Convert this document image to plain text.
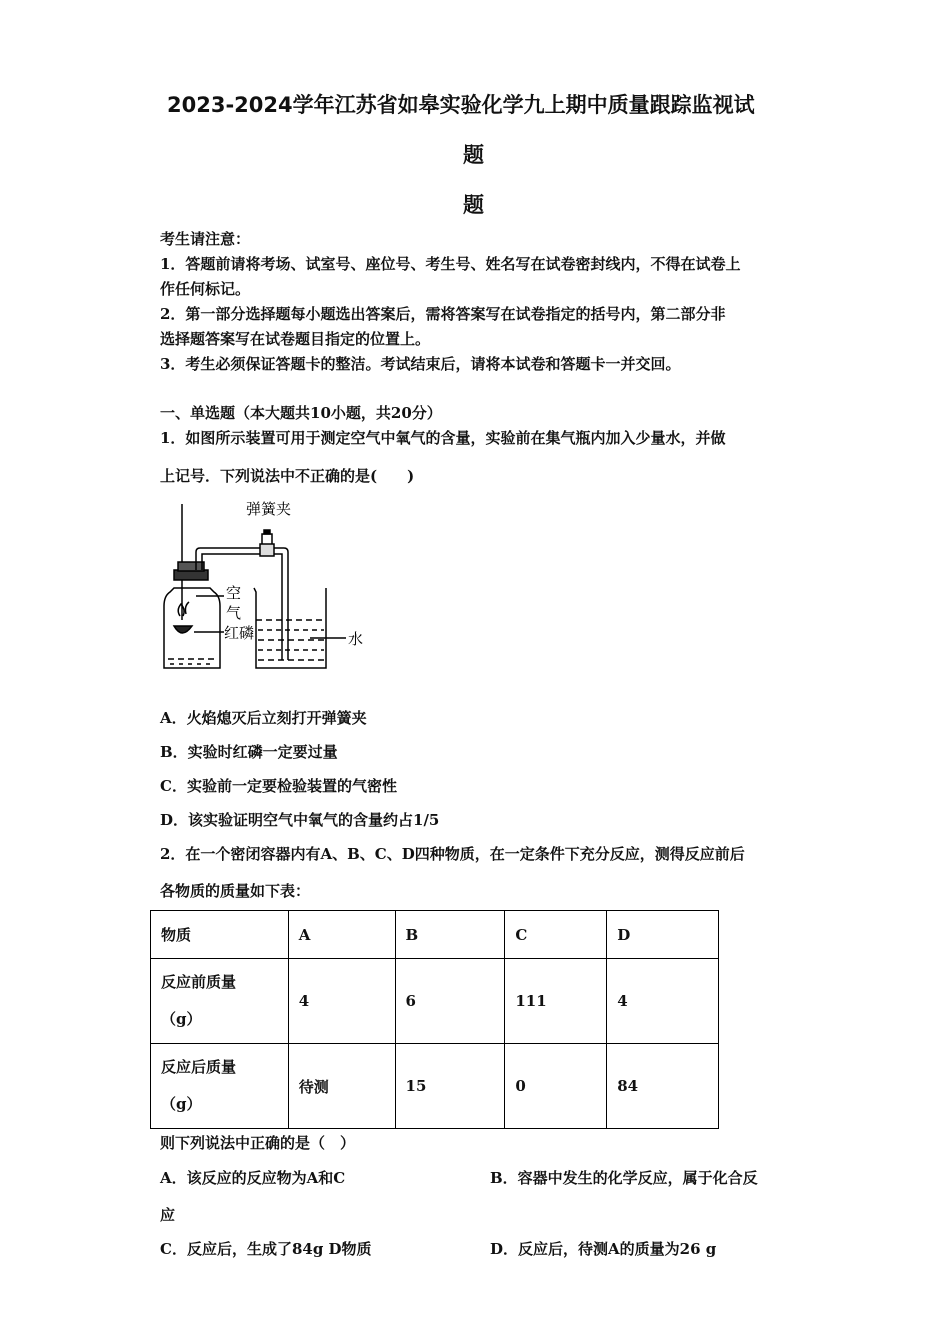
2023-2024学年江苏省如皋实验化学九上期中质量跟踪监视试
题
题
考生请注意：
1．答题前请将考场、试室号、座位号、考生号、姓名写在试卷密封线内，不得在试卷上
作任何标记。
2．第一部分选择题每小题选出答案后，需将答案写在试卷指定的括号内，第二部分非
选择题答案写在试卷题目指定的位置上。
3．考生必须保证答题卡的整洁。考试结束后，请将本试卷和答题卡一并交回。
一、单选题（本大题共10小题，共20分）
1．如图所示装置可用于测定空气中氧气的含量，实验前在集气瓶内加入少量水，并做
上记号．下列说法中不正确的是(　　)
弹簧夹
空
气
红磷	水
A．火焰熄灭后立刻打开弹簧夹
B．实验时红磷一定要过量
C．实验前一定要检验装置的气密性
D．该实验证明空气中氧气的含量约占1/5
2．在一个密闭容器内有A、B、C、D四种物质，在一定条件下充分反应，测得反应前后
各物质的质量如下表：
物质	A	B	C	D

反应前质量
（g）	4	6	111	4

反应后质量
（g）	待测	15	0	84
则下列说法中正确的是（　）
A．该反应的反应物为A和C	B．容器中发生的化学反应，属于化合反
应
C．反应后，生成了84g D物质	D．反应后，待测A的质量为26 g
